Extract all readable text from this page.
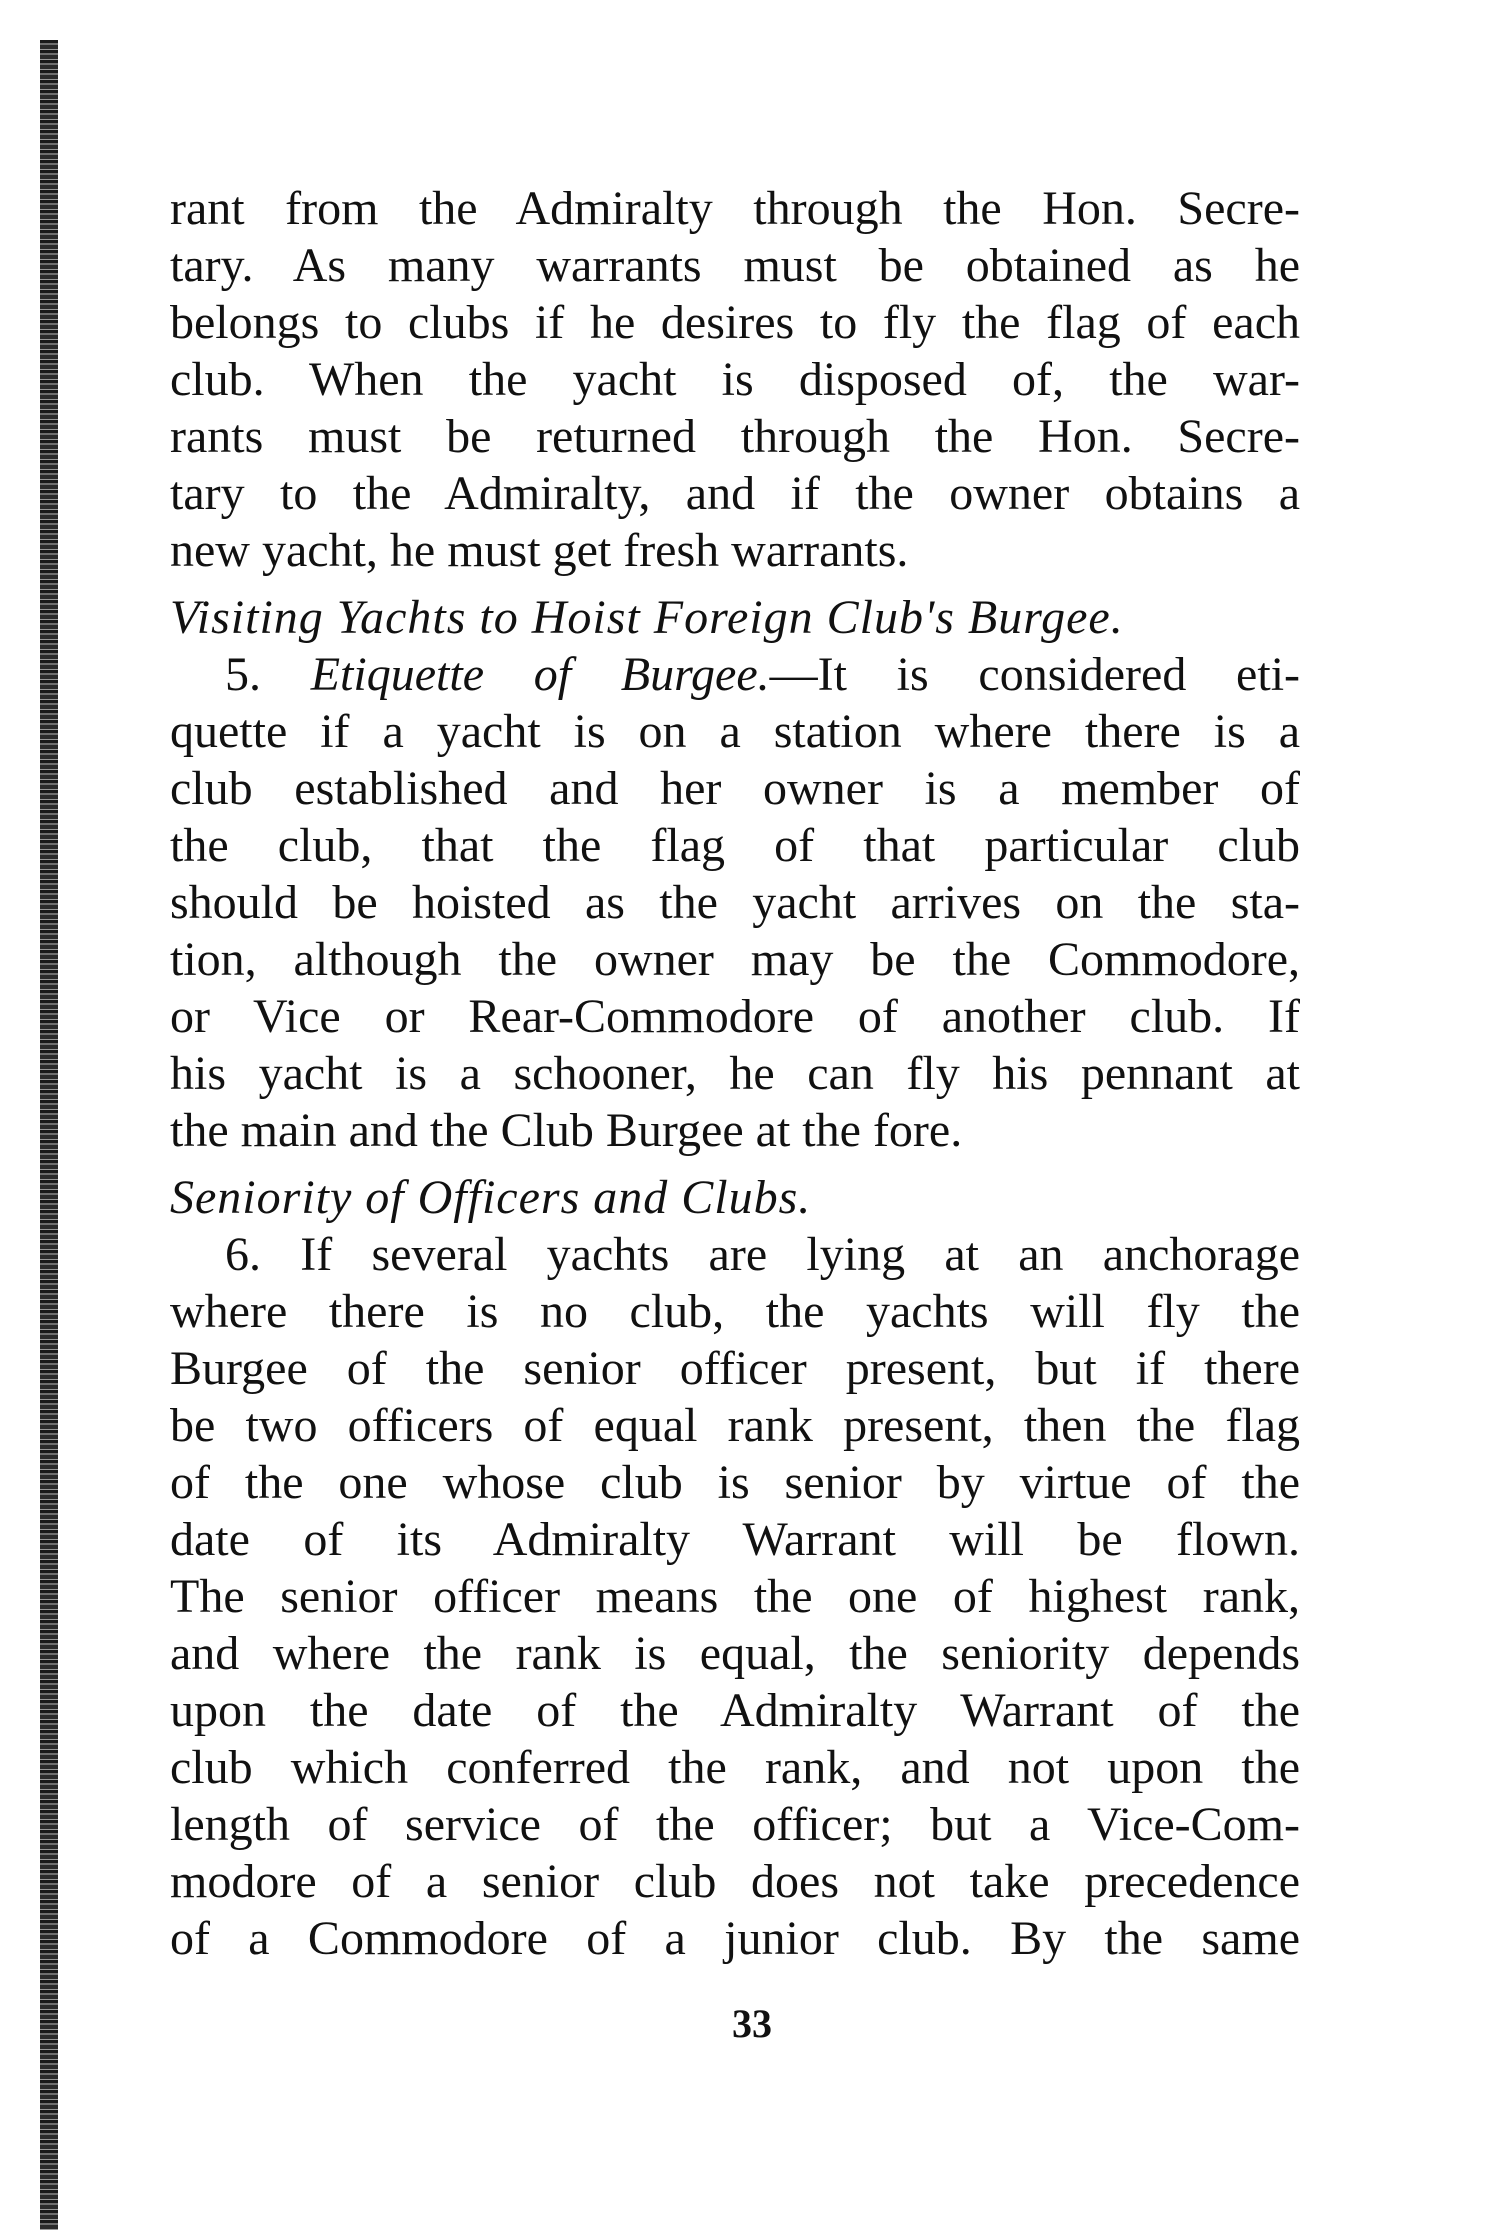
rant from the Admiralty through the Hon. Secre-
tary. As many warrants must be obtained as he
belongs to clubs if he desires to fly the flag of each
club. When the yacht is disposed of, the war-
rants must be returned through the Hon. Secre-
tary to the Admiralty, and if the owner obtains a
new yacht, he must get fresh warrants.

Visiting Yachts to Hoist Foreign Club's Burgee.

5. Etiquette of Burgee.—It is considered eti-
quette if a yacht is on a station where there is a
club established and her owner is a member of
the club, that the flag of that particular club
should be hoisted as the yacht arrives on the sta-
tion, although the owner may be the Commodore,
or Vice or Rear-Commodore of another club. If
his yacht is a schooner, he can fly his pennant at
the main and the Club Burgee at the fore.

Seniority of Officers and Clubs.

6. If several yachts are lying at an anchorage
where there is no club, the yachts will fly the
Burgee of the senior officer present, but if there
be two officers of equal rank present, then the flag
of the one whose club is senior by virtue of the
date of its Admiralty Warrant will be flown.
The senior officer means the one of highest rank,
and where the rank is equal, the seniority depends
upon the date of the Admiralty Warrant of the
club which conferred the rank, and not upon the
length of service of the officer; but a Vice-Com-
modore of a senior club does not take precedence
of a Commodore of a junior club. By the same

33
